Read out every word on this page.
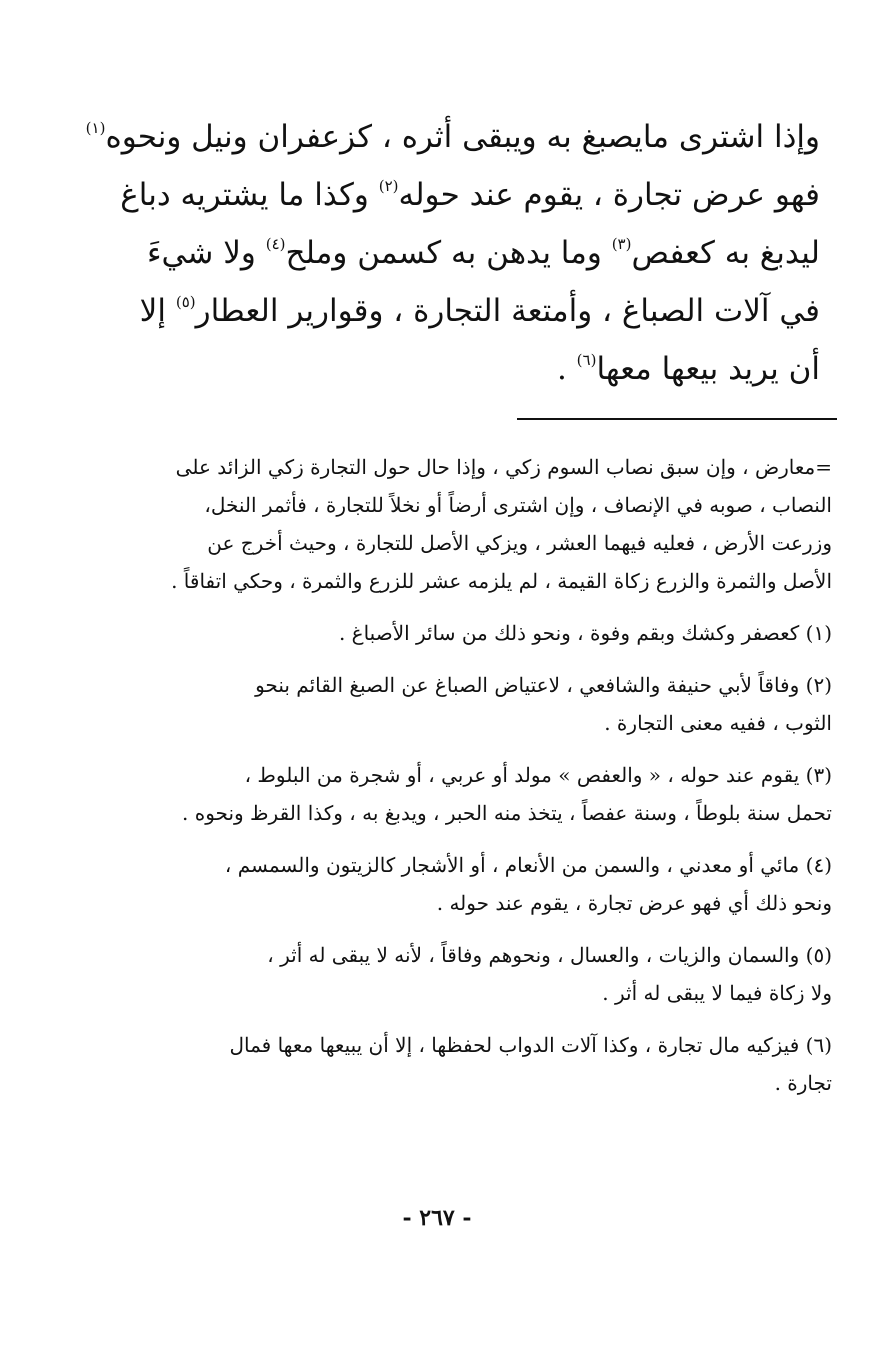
وإذا اشترى مايصبغ به ويبقى أثره ، كزعفران ونيل ونحوه$^{(١)}$
فهو عرض تجارة ، يقوم عند حوله$^{(٢)}$ وكذا ما يشتريه دباغ
ليدبغ به كعفص$^{(٣)}$ وما يدهن به كسمن وملح$^{(٤)}$ ولا شيءَ
في آلات الصباغ ، وأمتعة التجارة ، وقوارير العطار$^{(٥)}$ إلا
أن يريد بيعها معها$^{(٦)}$ .
=معارض ، وإن سبق نصاب السوم زكي ، وإذا حال حول التجارة زكي الزائد على
النصاب ، صوبه في الإنصاف ، وإن اشترى أرضاً أو نخلاً للتجارة ، فأثمر النخل،
وزرعت الأرض ، فعليه فيهما العشر ، ويزكي الأصل للتجارة ، وحيث أخرج عن
الأصل والثمرة والزرع زكاة القيمة ، لم يلزمه عشر للزرع والثمرة ، وحكي اتفاقاً .
(١) كعصفر وكشك وبقم وفوة ، ونحو ذلك من سائر الأصباغ .
(٢) وفاقاً لأبي حنيفة والشافعي ، لاعتياض الصباغ عن الصبغ القائم بنحو
الثوب ، ففيه معنى التجارة .
(٣) يقوم عند حوله ، « والعفص » مولد أو عربي ، أو شجرة من البلوط ،
تحمل سنة بلوطاً ، وسنة عفصاً ، يتخذ منه الحبر ، ويدبغ به ، وكذا القرظ ونحوه .
(٤) مائي أو معدني ، والسمن من الأنعام ، أو الأشجار كالزيتون والسمسم ،
ونحو ذلك أي فهو عرض تجارة ، يقوم عند حوله .
(٥) والسمان والزيات ، والعسال ، ونحوهم وفاقاً ، لأنه لا يبقى له أثر ،
ولا زكاة فيما لا يبقى له أثر .
(٦) فيزكيه مال تجارة ، وكذا آلات الدواب لحفظها ، إلا أن يبيعها معها فمال
تجارة .
- ٢٦٧ -
